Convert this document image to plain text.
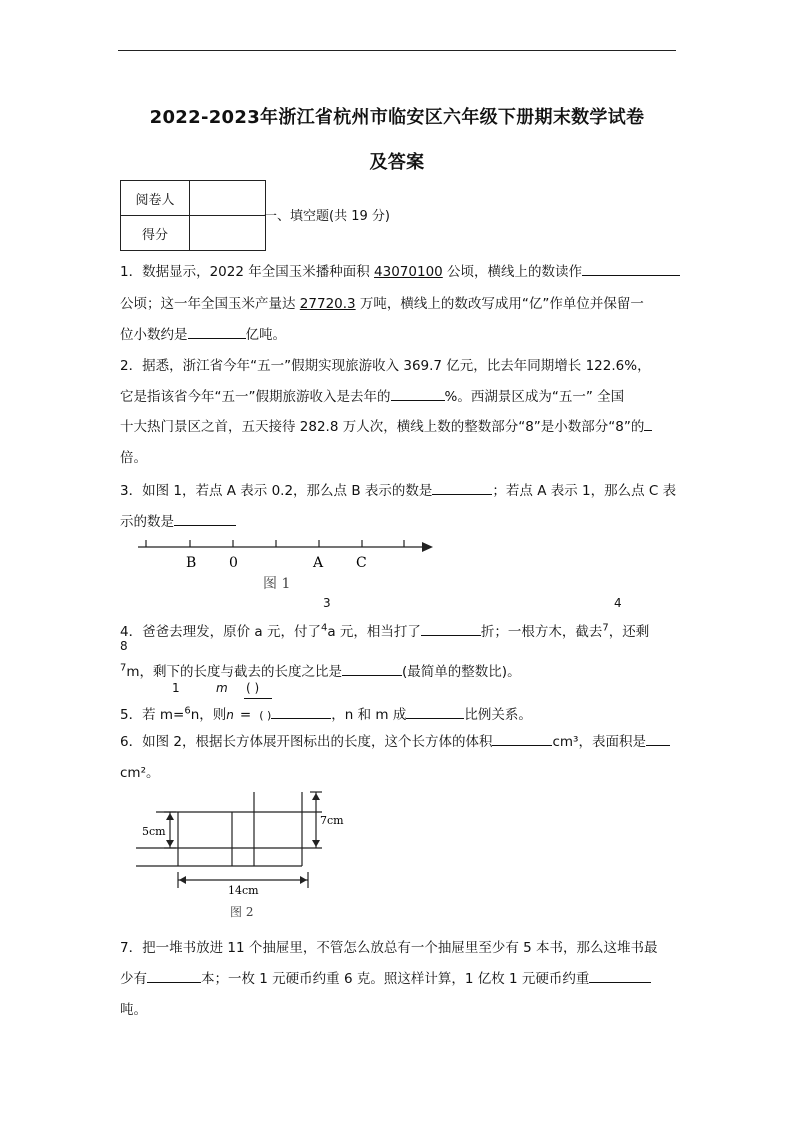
2022-2023年浙江省杭州市临安区六年级下册期末数学试卷
及答案
阅卷人	
得分	
一、填空题(共 19 分)
1．数据显示，2022 年全国玉米播种面积 43070100 公顷，横线上的数读作
公顷；这一年全国玉米产量达 27720.3 万吨，横线上的数改写成用“亿”作单位并保留一
位小数约是	亿吨。
2．据悉，浙江省今年“五一”假期实现旅游收入 369.7 亿元，比去年同期增长 122.6%，
它是指该省今年“五一”假期旅游收入是去年的	%。西湖景区成为“五一” 全国
十大热门景区之首，五天接待 282.8 万人次，横线上数的整数部分“8”是小数部分“8”的
倍。
3．如图 1，若点 A 表示 0.2，那么点 B 表示的数是	；若点 A 表示 1，那么点 C 表
示的数是
B 0	A C
图 1
3	4
4．爸爸去理发，原价 a 元，付了$^4$a 元，相当打了	折；一根方木，截去$^7$，还剩
8
$^7$m，剩下的长度与截去的长度之比是	(最简单的整数比)。
1	m ( )
5．若 m=$^6$n，则n = ( )	，n 和 m 成	比例关系。
6．如图 2，根据长方体展开图标出的长度，这个长方体的体积	cm³，表面积是
cm²。
5cm
7cm
14cm
图 2
7．把一堆书放进 11 个抽屉里，不管怎么放总有一个抽屉里至少有 5 本书，那么这堆书最
少有	本；一枚 1 元硬币约重 6 克。照这样计算，1 亿枚 1 元硬币约重
吨。
